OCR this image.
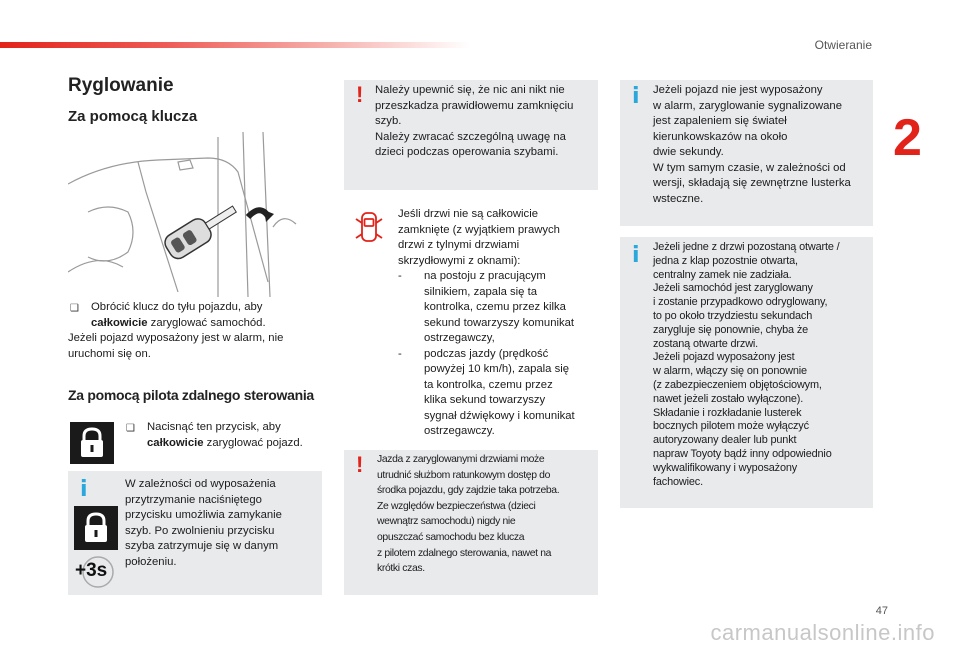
Otwieranie
2
Ryglowanie
Za pomocą klucza
❑ Obrócić klucz do tyłu pojazdu, aby
całkowicie zaryglować samochód.
Jeżeli pojazd wyposażony jest w alarm, nie
uruchomi się on.
Za pomocą pilota zdalnego sterowania
❑ Nacisnąć ten przycisk, aby
całkowicie zaryglować pojazd.
i
+3s
W zależności od wyposażenia
przytrzymanie naciśniętego
przycisku umożliwia zamykanie
szyb. Po zwolnieniu przycisku
szyba zatrzymuje się w danym
położeniu.
! Należy upewnić się, że nic ani nikt nie
przeszkadza prawidłowemu zamknięciu
szyb.
Należy zwracać szczególną uwagę na
dzieci podczas operowania szybami.
Jeśli drzwi nie są całkowicie
zamknięte (z wyjątkiem prawych
drzwi z tylnymi drzwiami
skrzydłowymi z oknami):
- na postoju z pracującym
silnikiem, zapala się ta
kontrolka, czemu przez kilka
sekund towarzyszy komunikat
ostrzegawczy,
- podczas jazdy (prędkość
powyżej 10 km/h), zapala się
ta kontrolka, czemu przez
klika sekund towarzyszy
sygnał dźwiękowy i komunikat
ostrzegawczy.
! Jazda z zaryglowanymi drzwiami może
utrudnić służbom ratunkowym dostęp do
środka pojazdu, gdy zajdzie taka potrzeba.
Ze względów bezpieczeństwa (dzieci
wewnątrz samochodu) nigdy nie
opuszczać samochodu bez klucza
z pilotem zdalnego sterowania, nawet na
krótki czas.
i Jeżeli pojazd nie jest wyposażony
w alarm, zaryglowanie sygnalizowane
jest zapaleniem się świateł
kierunkowskazów na około
dwie sekundy.
W tym samym czasie, w zależności od
wersji, składają się zewnętrzne lusterka
wsteczne.
i Jeżeli jedne z drzwi pozostaną otwarte /
jedna z klap pozostnie otwarta,
centralny zamek nie zadziała.
Jeżeli samochód jest zaryglowany
i zostanie przypadkowo odryglowany,
to po około trzydziestu sekundach
zarygluje się ponownie, chyba że
zostaną otwarte drzwi.
Jeżeli pojazd wyposażony jest
w alarm, włączy się on ponownie
(z zabezpieczeniem objętościowym,
nawet jeżeli zostało wyłączone).
Składanie i rozkładanie lusterek
bocznych pilotem może wyłączyć
autoryzowany dealer lub punkt
napraw Toyoty bądź inny odpowiednio
wykwalifikowany i wyposażony
fachowiec.
47
carmanualsonline.info
